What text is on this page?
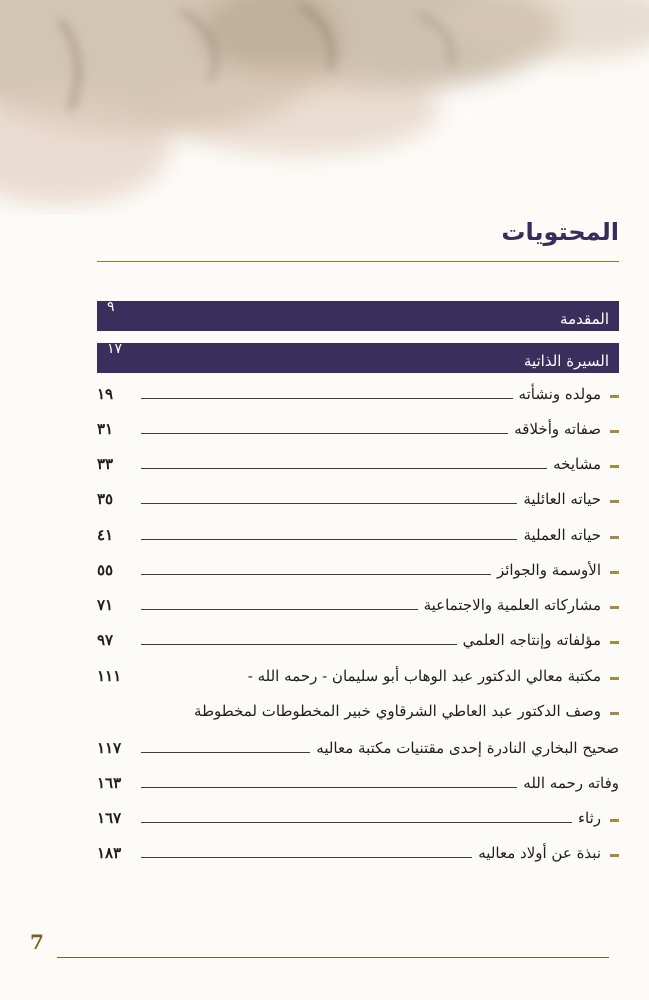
المحتويات
المقدمة
٩
السيرة الذاتية
١٧
مولده ونشأته
١٩
صفاته وأخلاقه
٣١
مشايخه
٣٣
حياته العائلية
٣٥
حياته العملية
٤١
الأوسمة والجوائز
٥٥
مشاركاته العلمية والاجتماعية
٧١
مؤلفاته وإنتاجه العلمي
٩٧
مكتبة معالي الدكتور عبد الوهاب أبو سليمان - رحمه الله -
١١١
وصف الدكتور عبد العاطي الشرقاوي خبير المخطوطات لمخطوطة
صحيح البخاري النادرة إحدى مقتنيات مكتبة معاليه
١١٧
وفاته رحمه الله
١٦٣
رثاء
١٦٧
نبذة عن أولاد معاليه
١٨٣
7
